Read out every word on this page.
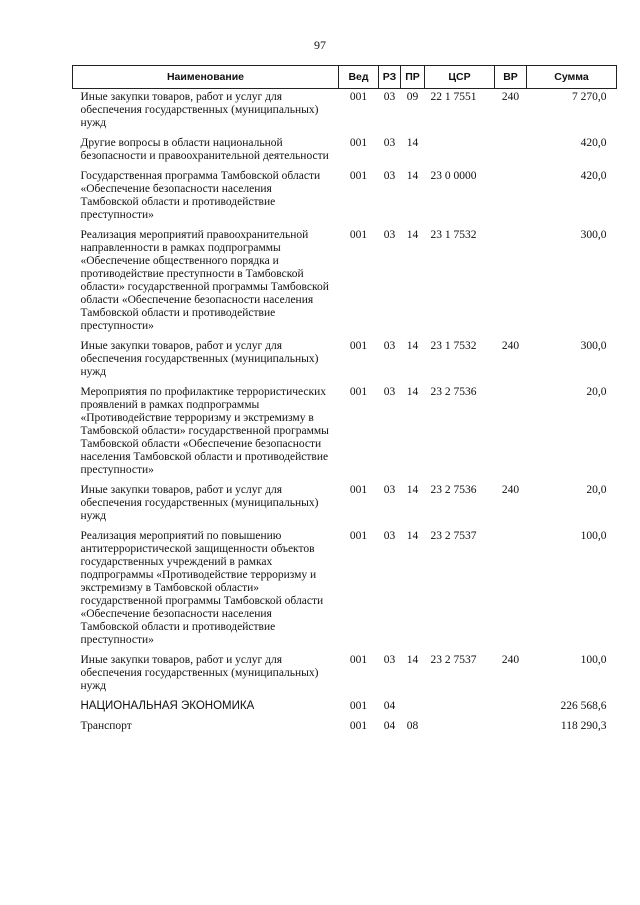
97
Наименование	Вед	РЗ	ПР	ЦСР	ВР	Сумма
Иные закупки товаров, работ и услуг для обеспечения государственных (муниципальных) нужд	001	03	09	22 1 7551	240	7 270,0
Другие вопросы в области национальной безопасности и правоохранительной деятельности	001	03	14			420,0
Государственная программа Тамбовской области «Обеспечение безопасности населения Тамбовской области и противодействие преступности»	001	03	14	23 0 0000		420,0
Реализация мероприятий правоохранительной направленности в рамках подпрограммы «Обеспечение общественного порядка и противодействие преступности в Тамбовской области» государственной программы Тамбовской области «Обеспечение безопасности населения Тамбовской области и противодействие преступности»	001	03	14	23 1 7532		300,0
Иные закупки товаров, работ и услуг для обеспечения государственных (муниципальных) нужд	001	03	14	23 1 7532	240	300,0
Мероприятия по профилактике террористических проявлений в рамках подпрограммы «Противодействие терроризму и экстремизму в Тамбовской области» государственной программы Тамбовской области «Обеспечение безопасности населения Тамбовской области и противодействие преступности»	001	03	14	23 2 7536		20,0
Иные закупки товаров, работ и услуг для обеспечения государственных (муниципальных) нужд	001	03	14	23 2 7536	240	20,0
Реализация мероприятий по повышению антитеррористической защищенности объектов государственных учреждений в рамках подпрограммы «Противодействие терроризму и экстремизму в Тамбовской области» государственной программы Тамбовской области «Обеспечение безопасности населения Тамбовской области и противодействие преступности»	001	03	14	23 2 7537		100,0
Иные закупки товаров, работ и услуг для обеспечения государственных (муниципальных) нужд	001	03	14	23 2 7537	240	100,0
НАЦИОНАЛЬНАЯ ЭКОНОМИКА	001	04				226 568,6
Транспорт	001	04	08			118 290,3
